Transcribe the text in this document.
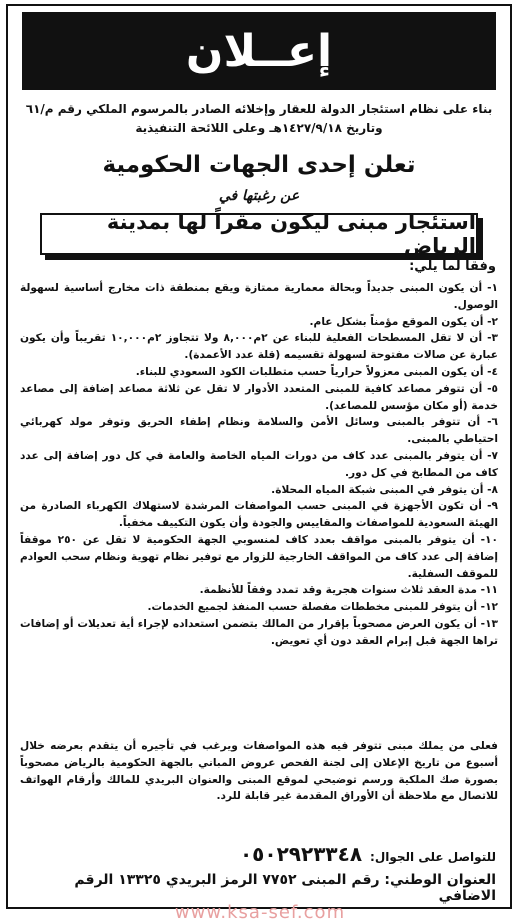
إعــلان
بناء على نظام استئجار الدولة للعقار وإخلائه الصادر بالمرسوم الملكي رقم م/٦١
وتاريخ ١٤٢٧/٩/١٨هـ وعلى اللائحة التنفيذية
تعلن إحدى الجهات الحكومية
عن رغبتها في
استئجار مبنى ليكون مقراً لها بمدينة الرياض
وفقاً لما يلي:

١- أن يكون المبنى جديداً وبحالة معمارية ممتازة ويقع بمنطقة ذات مخارج أساسية لسهولة الوصول.

٢- أن يكون الموقع مؤمناً بشكل عام.

٣- أن لا تقل المسطحات الفعلية للبناء عن ٢م٨,٠٠٠ ولا تتجاوز ٢م١٠,٠٠٠ تقريباً وأن يكون عبارة عن صالات مفتوحة لسهولة تقسيمه (قلة عدد الأعمدة).

٤- أن يكون المبنى معزولاً حرارياً حسب متطلبات الكود السعودي للبناء.

٥- أن تتوفر مصاعد كافية للمبنى المتعدد الأدوار لا تقل عن ثلاثة مصاعد إضافة إلى مصاعد خدمة (أو مكان مؤسس للمصاعد).

٦- أن تتوفر بالمبنى وسائل الأمن والسلامة ونظام إطفاء الحريق وتوفر مولد كهربائي احتياطي بالمبنى.

٧- أن يتوفر بالمبنى عدد كاف من دورات المياه الخاصة والعامة في كل دور إضافة إلى عدد كاف من المطابخ في كل دور.

٨- أن يتوفر في المبنى شبكة المياه المحلاة.

٩- أن تكون الأجهزة في المبنى حسب المواصفات المرشدة لاستهلاك الكهرباء الصادرة من الهيئة السعودية للمواصفات والمقاييس والجودة وأن يكون التكييف مخفياً.

١٠- أن يتوفر بالمبنى مواقف بعدد كاف لمنسوبي الجهة الحكومية لا تقل عن ٢٥٠ موقفاً إضافة إلى عدد كاف من المواقف الخارجية للزوار مع توفير نظام تهوية ونظام سحب العوادم للموقف السفلية.

١١- مدة العقد ثلاث سنوات هجرية وقد تمدد وفقاً للأنظمة.

١٢- أن يتوفر للمبنى مخططات مفصلة حسب المنفذ لجميع الخدمات.

١٣- أن يكون العرض مصحوباً بإقرار من المالك بتضمن استعداده لإجراء أية تعديلات أو إضافات تراها الجهة قبل إبرام العقد دون أي تعويض.

فعلى من يملك مبنى تتوفر فيه هذه المواصفات ويرغب في تأجيره أن يتقدم بعرضه خلال أسبوع من تاريخ الإعلان إلى لجنة الفحص عروض المباني بالجهة الحكومية بالرياض مصحوباً بصورة صك الملكية ورسم توضيحي لموقع المبنى والعنوان البريدي للمالك وأرقام الهواتف للاتصال مع ملاحظة أن الأوراق المقدمة غير قابلة للرد.
للتواصل على الجوال:
٠٥٠٢٩٢٣٣٤٨
العنوان الوطني: رقم المبنى ٧٧٥٢ الرمز البريدي ١٣٣٢٥ الرقم الاضافي
www.ksa-sef.com
